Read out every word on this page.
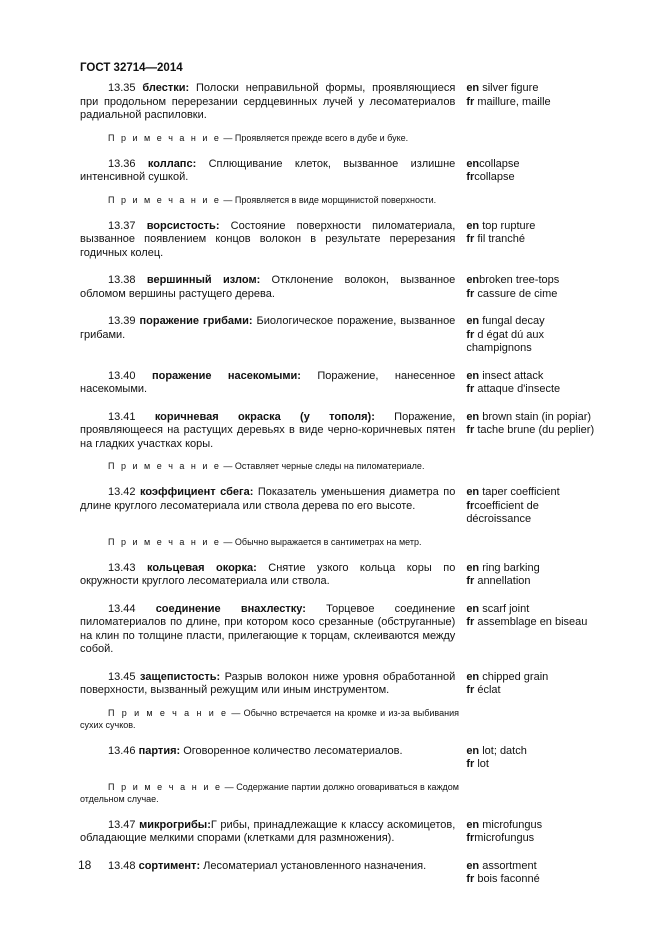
ГОСТ 32714—2014
13.35 блестки: Полоски неправильной формы, проявляющиеся при продольном перерезании сердцевинных лучей у лесоматериалов радиальной распиловки.
en silver figure
fr maillure, maille
П р и м е ч а н и е — Проявляется прежде всего в дубе и буке.
13.36 коллапс: Сплющивание клеток, вызванное излишне интенсивной сушкой.
encollapse
frcollapse
П р и м е ч а н и е — Проявляется в виде морщинистой поверхности.
13.37 ворсистость: Состояние поверхности пиломатериала, вызванное появлением концов волокон в результате перерезания годичных колец.
en top rupture
fr fil tranché
13.38 вершинный излом: Отклонение волокон, вызванное обломом вершины растущего дерева.
enbroken tree-tops
fr cassure de cime
13.39 поражение грибами: Биологическое поражение, вызванное грибами.
en fungal decay
fr d égat dú aux champignons
13.40 поражение насекомыми: Поражение, нанесенное насекомыми.
en insect attack
fr attaque d'insecte
13.41 коричневая окраска (у тополя): Поражение, проявляющееся на растущих деревьях в виде черно-коричневых пятен на гладких участках коры.
en brown stain (in popiar)
fr tache brune (du peplier)
П р и м е ч а н и е — Оставляет черные следы на пиломатериале.
13.42 коэффициент сбега: Показатель уменьшения диаметра по длине круглого лесоматериала или ствола дерева по его высоте.
en taper coefficient
frcoefficient de décroissance
П р и м е ч а н и е — Обычно выражается в сантиметрах на метр.
13.43 кольцевая окорка: Снятие узкого кольца коры по окружности круглого лесоматериала или ствола.
en ring barking
fr annellation
13.44 соединение внахлестку: Торцевое соединение пиломатериалов по длине, при котором косо срезанные (обструганные) на клин по толщине пласти, прилегающие к торцам, склеиваются между собой.
en scarf joint
fr assemblage en biseau
13.45 защепистость: Разрыв волокон ниже уровня обработанной поверхности, вызванный режущим или иным инструментом.
en chipped grain
fr éclat
П р и м е ч а н и е — Обычно встречается на кромке и из-за выбивания сухих сучков.
13.46 партия: Оговоренное количество лесоматериалов.	en lot; datch
fr lot
П р и м е ч а н и е — Содержание партии должно оговариваться в каждом отдельном случае.
13.47 микрогрибы:Г рибы, принадлежащие к классу аскомицетов, обладающие мелкими спорами (клетками для размножения).
en microfungus
frmicrofungus
13.48 сортимент: Лесоматериал установленного назначения.	en assortment
fr bois faconné
18
